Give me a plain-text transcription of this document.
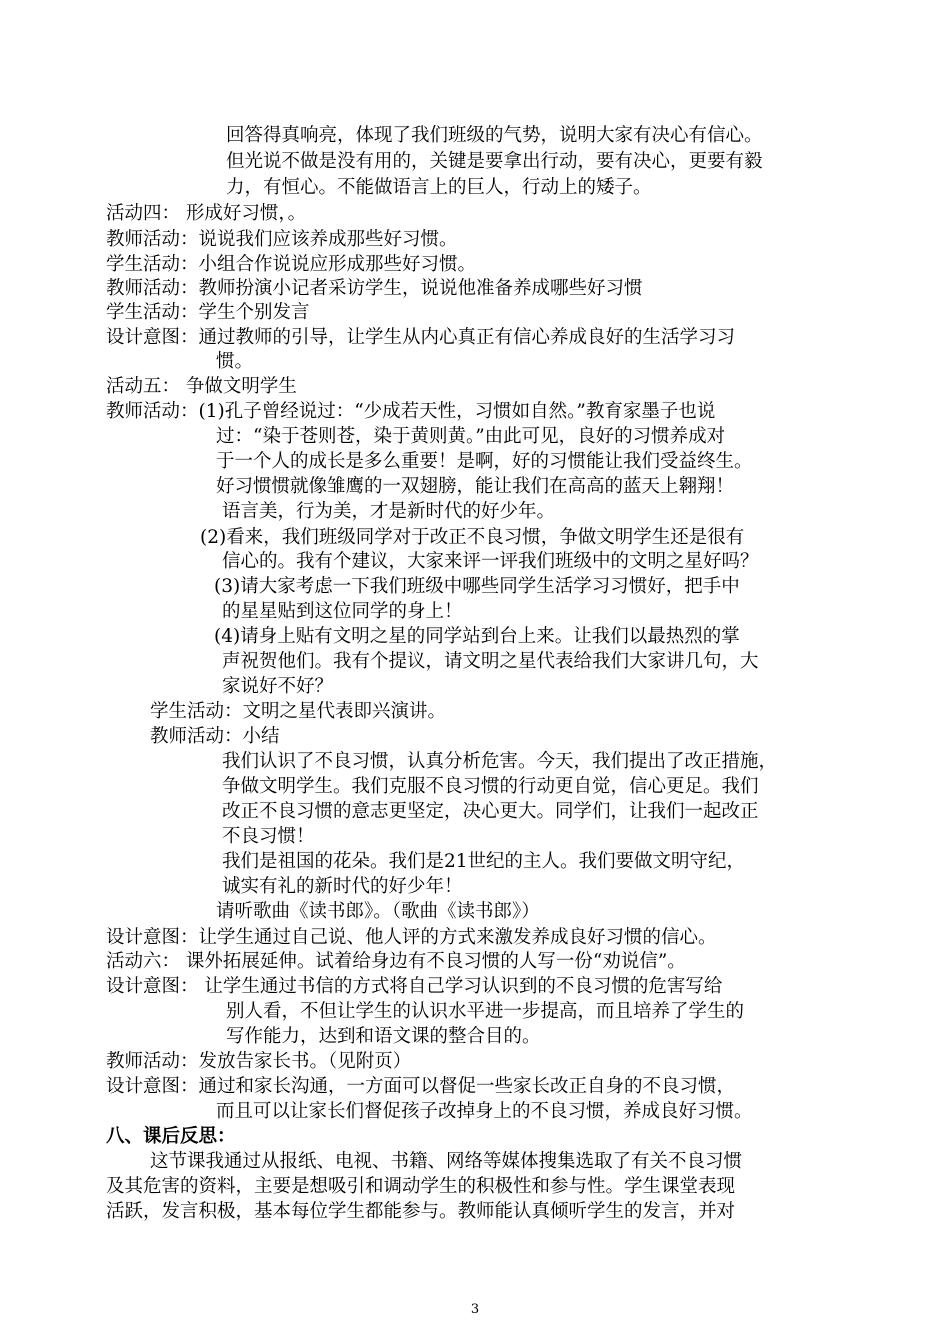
回答得真响亮，体现了我们班级的气势，说明大家有决心有信心。
但光说不做是没有用的，关键是要拿出行动，要有决心，更要有毅
力，有恒心。不能做语言上的巨人，行动上的矮子。
活动四： 形成好习惯，。
教师活动：说说我们应该养成那些好习惯。
学生活动：小组合作说说应形成那些好习惯。
教师活动：教师扮演小记者采访学生，说说他准备养成哪些好习惯
学生活动：学生个别发言
设计意图：通过教师的引导，让学生从内心真正有信心养成良好的生活学习习
惯。
活动五： 争做文明学生
教师活动：(1)孔子曾经说过：“少成若天性，习惯如自然。”教育家墨子也说
过：“染于苍则苍，染于黄则黄。”由此可见，良好的习惯养成对
于一个人的成长是多么重要！是啊，好的习惯能让我们受益终生。
好习惯惯就像雏鹰的一双翅膀，能让我们在高高的蓝天上翱翔！
语言美，行为美，才是新时代的好少年。
(2)看来，我们班级同学对于改正不良习惯，争做文明学生还是很有
信心的。我有个建议，大家来评一评我们班级中的文明之星好吗？
(3)请大家考虑一下我们班级中哪些同学生活学习习惯好，把手中
的星星贴到这位同学的身上！
(4)请身上贴有文明之星的同学站到台上来。让我们以最热烈的掌
声祝贺他们。我有个提议，请文明之星代表给我们大家讲几句，大
家说好不好？
学生活动：文明之星代表即兴演讲。
教师活动：小结
我们认识了不良习惯，认真分析危害。今天，我们提出了改正措施，
争做文明学生。我们克服不良习惯的行动更自觉，信心更足。我们
改正不良习惯的意志更坚定，决心更大。同学们，让我们一起改正
不良习惯！
我们是祖国的花朵。我们是21世纪的主人。我们要做文明守纪，
诚实有礼的新时代的好少年！
请听歌曲《读书郎》。（歌曲《读书郎》）
设计意图：让学生通过自己说、他人评的方式来激发养成良好习惯的信心。
活动六： 课外拓展延伸。试着给身边有不良习惯的人写一份“劝说信”。
设计意图： 让学生通过书信的方式将自己学习认识到的不良习惯的危害写给
别人看，不但让学生的认识水平进一步提高，而且培养了学生的
写作能力，达到和语文课的整合目的。
教师活动：发放告家长书。（见附页）
设计意图：通过和家长沟通，一方面可以督促一些家长改正自身的不良习惯，
而且可以让家长们督促孩子改掉身上的不良习惯，养成良好习惯。
八、课后反思：
这节课我通过从报纸、电视、书籍、网络等媒体搜集选取了有关不良习惯
及其危害的资料，主要是想吸引和调动学生的积极性和参与性。学生课堂表现
活跃，发言积极，基本每位学生都能参与。教师能认真倾听学生的发言，并对
3
